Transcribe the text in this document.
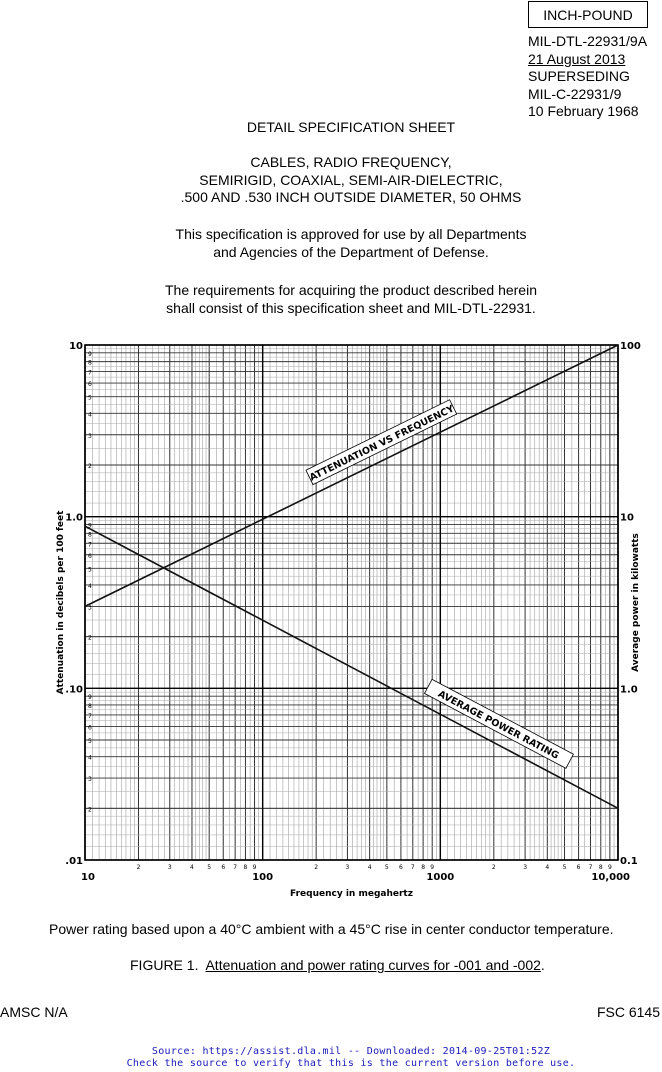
INCH-POUND
MIL-DTL-22931/9A
21 August 2013
SUPERSEDING
MIL-C-22931/9
10 February 1968
DETAIL SPECIFICATION SHEET
CABLES, RADIO FREQUENCY,
SEMIRIGID, COAXIAL, SEMI-AIR-DIELECTRIC,
.500 AND .530 INCH OUTSIDE DIAMETER, 50 OHMS
This specification is approved for use by all Departments
and Agencies of the Department of Defense.
The requirements for acquiring the product described herein
shall consist of this specification sheet and MIL-DTL-22931.
2
3
4
5
6
7
8
9
2
3
4
5
6
7
8
9
2
3
4
5
6
7
8
9
2	3	4 5 6 7 8 9	2	3	4 5 6 7 8 9	2	3	4 5 6 7 8 9
10	100	1000	10,000
.01
.10
1.0
10
0.1
1.0
10
100
Frequency in megahertz
Attenuation in decibels per 100 feet	Average power in kilowatts
ATTENUATION VS FREQUENCY
AVERAGE POWER RATING
Power rating based upon a 40°C ambient with a 45°C rise in center conductor temperature.
FIGURE 1.  Attenuation and power rating curves for -001 and -002.
AMSC N/A	FSC 6145
Source: https://assist.dla.mil -- Downloaded: 2014-09-25T01:52Z
Check the source to verify that this is the current version before use.
